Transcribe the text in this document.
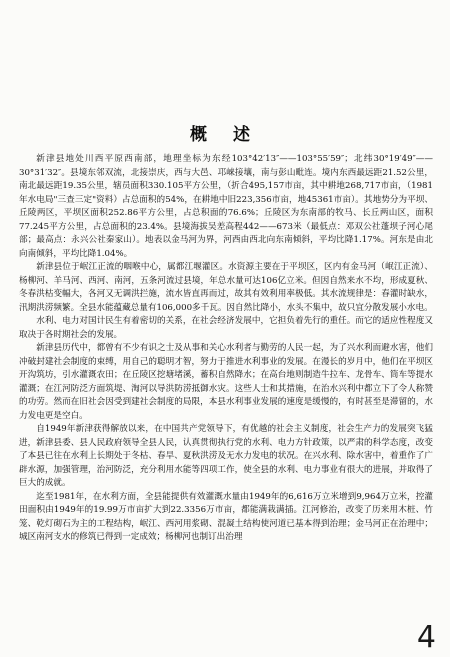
概 述

新津县地处川西平原西南部，地理坐标为东经103°42′13″——103°55′59″；北纬30°19′49″——30°31′32″。县境东邻双流，北接崇庆，西与大邑、邛崃接壤，南与彭山毗连。境内东西最远距21.52公里，南北最远距19.35公里，辖员面积330.105平方公里，（折合495,157市亩，其中耕地268,717市亩，（1981年水电局"三查三定"资料）占总面积的54%，在耕地中旧223,356市亩，地45361市亩）。其地势分为平坝、丘陵两区，平坝区面积252.86平方公里，占总积面的76.6%；丘陵区为东南部的牧马、长丘两山区，面积77.245平方公里，占总面积的23.4%。县境海拔吴差高程442——673米（最低点：邓双公社蓬坝子河心尾部；最高点：永兴公社秦家山）。地表以金马河为界，河西由西北向东南倾斜，平均比降1.17%。河东是由北向南倾斜，平均比降1.04%。

新津县位于岷江正流的咽喉中心，属都江堰灌区。水资源主要在于平坝区，区内有金马河（岷江正流）、杨柳河、羊马河、西河、南河，五条河流过县境，年总水量可达106亿立米。但因自然来水不均，形成夏秋、冬春洪枯变幅大，各河又无调洪拦施，流水皆直再而过，故其有效利用率极低。其水流规律是：春灌时缺水，汛期洪涝频繁。全县水能蕴藏总量有106,000多千瓦。因自然比降小，水头不集中，故只宜分散发展小水电。

水利、电力对国计民生有着密切的关系，在社会经济发展中，它担负着先行的重任。而它的适应性程度又取决于各时期社会的发展。

新津县历代中，都曾有不少有识之士及从事和关心水利者与勤劳的人民一起，为了兴水利而避水害，他们冲破封建社会制度的束缚，用自己的聪明才智，努力于推进水利事业的发展。在漫长的岁月中，他们在平坝区开沟筑坊，引水灌溉农田；在丘陵区挖塘堵溪，蓄积自然降水；在高台地则制造牛拉车、龙骨车、筒车等提水灌溉；在江河防泛方面筑堤、淘河以导洪防涝抵御水灾。这些人士和其措施，在治水兴利中都立下了令人称赞的功劳。然而在旧社会因受到建社会制度的局限，本县水利事业发展的速度是缓慢的，有时甚至是滞留的，水力发电更是空白。

自1949年新津获得解放以来，在中国共产党领导下，有优越的社会主义制度，社会生产力的发展突飞猛进，新津县委、县人民政府领导全县人民，认真贯彻执行党的水利、电力方针政策，以严肃的科学态度，改变了本县已往在水利上长期处于冬枯、春旱、夏秋洪涝及无水力发电的状况。在兴水利、除水害中，着重作了广辟水源，加强管理，治河防泛，充分利用水能等四项工作，使全县的水利、电力事业有很大的进展，并取得了巨大的成就。

迄至1981年，在水利方面，全县能提供有效灌溉水量由1949年的6,616万立米增到9,964万立米，控灌田面积由1949年的19.99万市亩扩大到22.3356万市亩，都能满栽满插。江河修治，改变了历来用木桩、竹笼、乾灯砌石为主的工程结构，岷江、西河用浆砌、混凝土结构使河道已基本得到治理；金马河正在治理中；城区南河支水的修筑已得到一定成效；杨柳河也制订出治理

4
